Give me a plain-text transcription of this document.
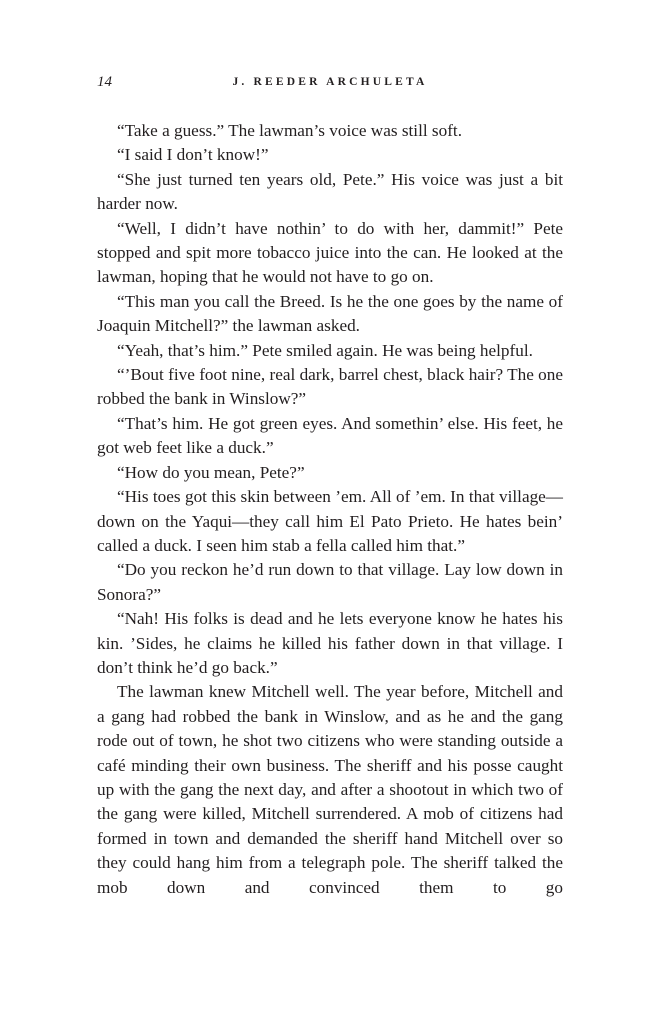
14	J. REEDER ARCHULETA

“Take a guess.” The lawman’s voice was still soft.

“I said I don’t know!”

“She just turned ten years old, Pete.” His voice was just a bit harder now.

“Well, I didn’t have nothin’ to do with her, dammit!” Pete stopped and spit more tobacco juice into the can. He looked at the lawman, hoping that he would not have to go on.

“This man you call the Breed. Is he the one goes by the name of Joaquin Mitchell?” the lawman asked.

“Yeah, that’s him.” Pete smiled again. He was being helpful.

“’Bout five foot nine, real dark, barrel chest, black hair? The one robbed the bank in Winslow?”

“That’s him. He got green eyes. And somethin’ else. His feet, he got web feet like a duck.”

“How do you mean, Pete?”

“His toes got this skin between ’em. All of ’em. In that village—down on the Yaqui—they call him El Pato Prieto. He hates bein’ called a duck. I seen him stab a fella called him that.”

“Do you reckon he’d run down to that village. Lay low down in Sonora?”

“Nah! His folks is dead and he lets everyone know he hates his kin. ’Sides, he claims he killed his father down in that village. I don’t think he’d go back.”

The lawman knew Mitchell well. The year before, Mitchell and a gang had robbed the bank in Winslow, and as he and the gang rode out of town, he shot two citizens who were standing outside a café minding their own business. The sheriff and his posse caught up with the gang the next day, and after a shootout in which two of the gang were killed, Mitchell surrendered. A mob of citizens had formed in town and demanded the sheriff hand Mitchell over so they could hang him from a telegraph pole. The sheriff talked the mob down and convinced them to go
